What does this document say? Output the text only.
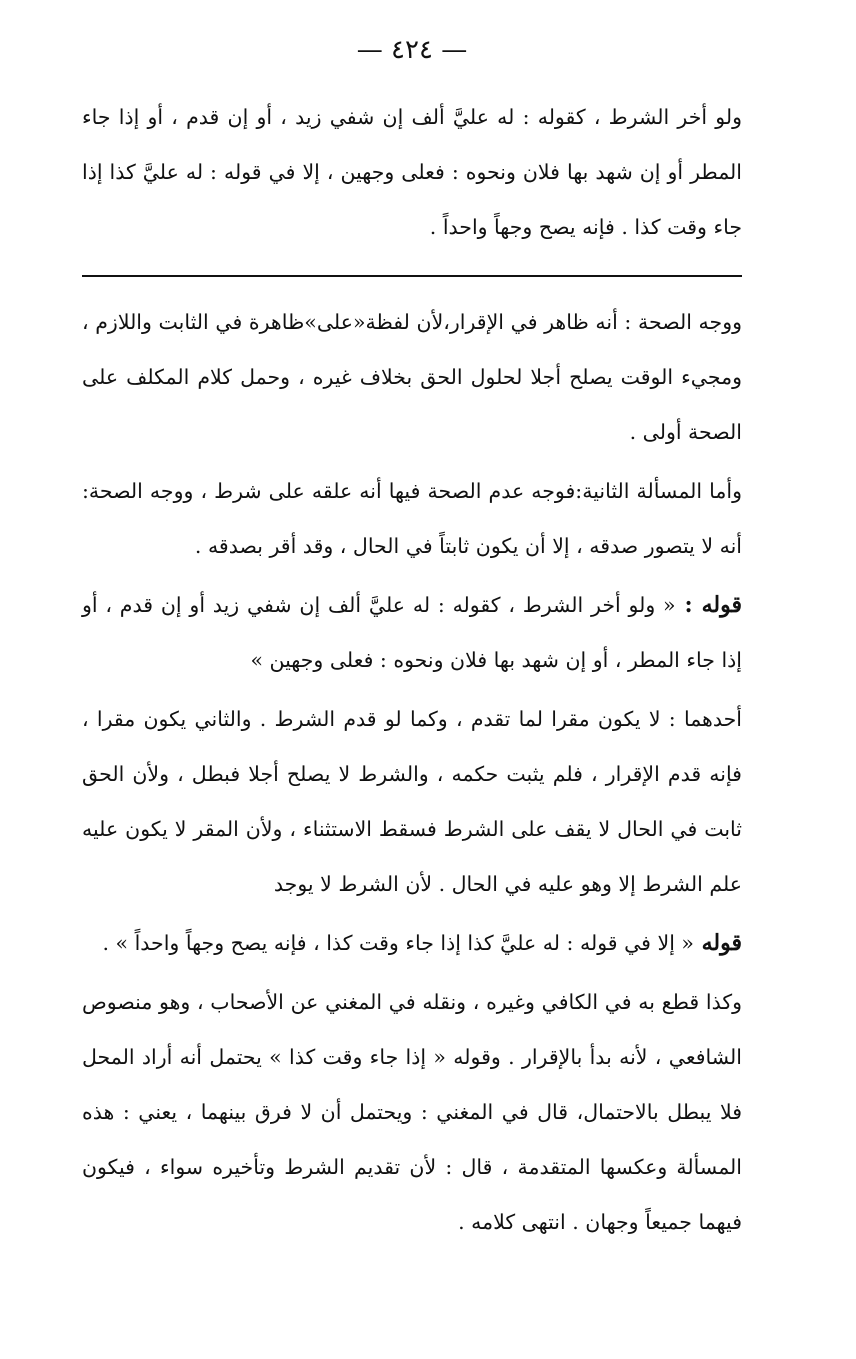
— ٤٢٤ —

ولو أخر الشرط ، كقوله : له عليَّ ألف إن شفي زيد ، أو إن قدم ، أو إذا جاء المطر أو إن شهد بها فلان ونحوه : فعلى وجهين ، إلا في قوله : له عليَّ كذا إذا جاء وقت كذا . فإنه يصح وجهاً واحداً .

ووجه الصحة : أنه ظاهر في الإقرار،لأن لفظة«على»ظاهرة في الثابت واللازم ، ومجيء الوقت يصلح أجلا لحلول الحق بخلاف غيره ، وحمل كلام المكلف على الصحة أولى .

وأما المسألة الثانية:فوجه عدم الصحة فيها أنه علقه على شرط ، ووجه الصحة: أنه لا يتصور صدقه ، إلا أن يكون ثابتاً في الحال ، وقد أقر بصدقه .

قوله : « ولو أخر الشرط ، كقوله : له عليَّ ألف إن شفي زيد أو إن قدم ، أو إذا جاء المطر ، أو إن شهد بها فلان ونحوه : فعلى وجهين »

أحدهما : لا يكون مقرا لما تقدم ، وكما لو قدم الشرط . والثاني يكون مقرا ، فإنه قدم الإقرار ، فلم يثبت حكمه ، والشرط لا يصلح أجلا فبطل ، ولأن الحق ثابت في الحال لا يقف على الشرط فسقط الاستثناء ، ولأن المقر لا يكون عليه علم الشرط إلا وهو عليه في الحال . لأن الشرط لا يوجد

قوله « إلا في قوله : له عليَّ كذا إذا جاء وقت كذا ، فإنه يصح وجهاً واحداً » .

وكذا قطع به في الكافي وغيره ، ونقله في المغني عن الأصحاب ، وهو منصوص الشافعي ، لأنه بدأ بالإقرار . وقوله « إذا جاء وقت كذا » يحتمل أنه أراد المحل فلا يبطل بالاحتمال، قال في المغني : ويحتمل أن لا فرق بينهما ، يعني : هذه المسألة وعكسها المتقدمة ، قال : لأن تقديم الشرط وتأخيره سواء ، فيكون فيهما جميعاً وجهان . انتهى كلامه .
